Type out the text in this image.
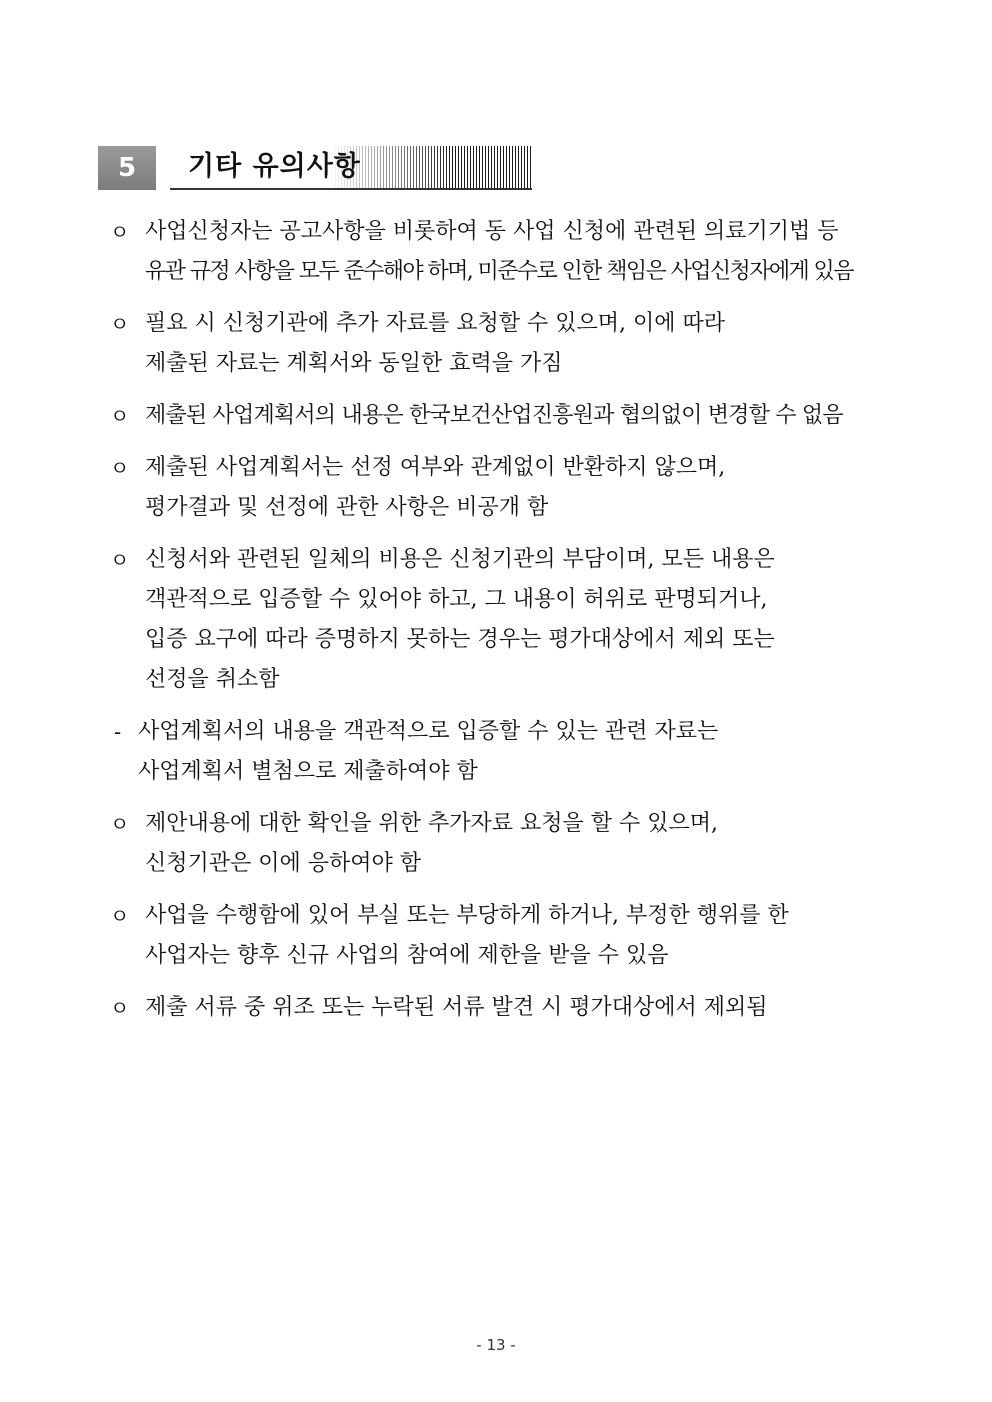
5	기타 유의사항
ㅇ 사업신청자는 공고사항을 비롯하여 동 사업 신청에 관련된 의료기기법 등
유관 규정 사항을 모두 준수해야 하며, 미준수로 인한 책임은 사업신청자에게 있음
ㅇ 필요 시 신청기관에 추가 자료를 요청할 수 있으며, 이에 따라
제출된 자료는 계획서와 동일한 효력을 가짐
ㅇ 제출된 사업계획서의 내용은 한국보건산업진흥원과 협의없이 변경할 수 없음
ㅇ 제출된 사업계획서는 선정 여부와 관계없이 반환하지 않으며,
평가결과 및 선정에 관한 사항은 비공개 함
ㅇ 신청서와 관련된 일체의 비용은 신청기관의 부담이며, 모든 내용은
객관적으로 입증할 수 있어야 하고, 그 내용이 허위로 판명되거나,
입증 요구에 따라 증명하지 못하는 경우는 평가대상에서 제외 또는
선정을 취소함
- 사업계획서의 내용을 객관적으로 입증할 수 있는 관련 자료는
사업계획서 별첨으로 제출하여야 함
ㅇ 제안내용에 대한 확인을 위한 추가자료 요청을 할 수 있으며,
신청기관은 이에 응하여야 함
ㅇ 사업을 수행함에 있어 부실 또는 부당하게 하거나, 부정한 행위를 한
사업자는 향후 신규 사업의 참여에 제한을 받을 수 있음
ㅇ 제출 서류 중 위조 또는 누락된 서류 발견 시 평가대상에서 제외됨
- 13 -
